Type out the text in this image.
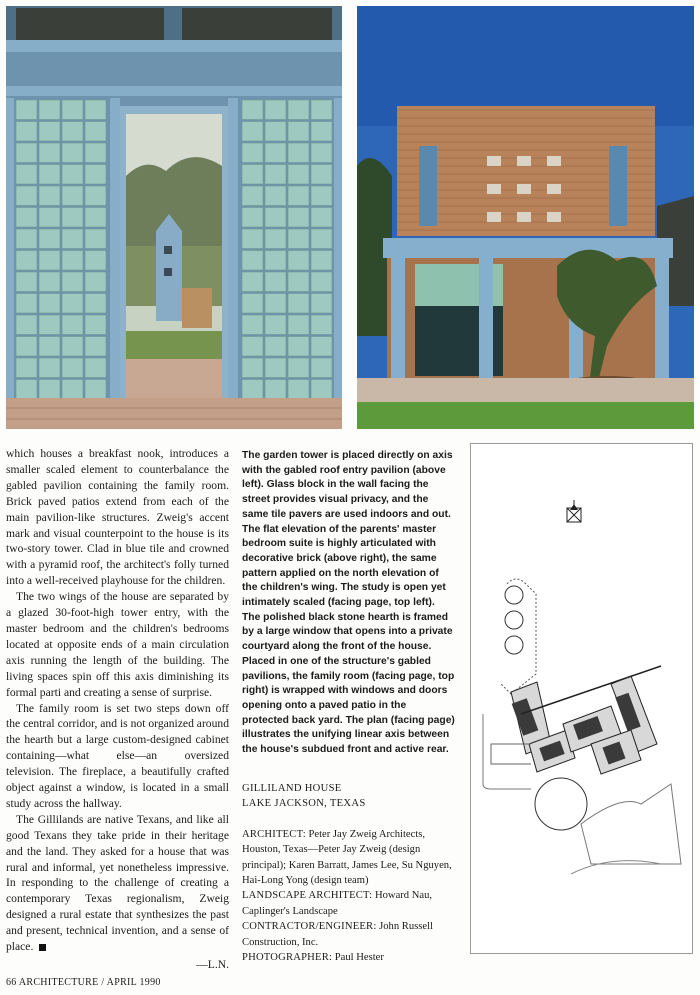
which houses a breakfast nook, introduces a smaller scaled element to counterbalance the gabled pavilion containing the family room. Brick paved patios extend from each of the main pavilion-like structures. Zweig's accent mark and visual counterpoint to the house is its two-story tower. Clad in blue tile and crowned with a pyramid roof, the architect's folly turned into a well-received playhouse for the children.

The two wings of the house are separated by a glazed 30-foot-high tower entry, with the master bedroom and the children's bedrooms located at opposite ends of a main circulation axis running the length of the building. The living spaces spin off this axis diminishing its formal parti and creating a sense of surprise.

The family room is set two steps down off the central corridor, and is not organized around the hearth but a large custom-designed cabinet containing—what else—an oversized television. The fireplace, a beautifully crafted object against a window, is located in a small study across the hallway.

The Gillilands are native Texans, and like all good Texans they take pride in their heritage and the land. They asked for a house that was rural and informal, yet nonetheless impressive. In responding to the challenge of creating a contemporary Texas regionalism, Zweig designed a rural estate that synthesizes the past and present, technical invention, and a sense of place.

—L.N.
The garden tower is placed directly on axis with the gabled roof entry pavilion (above left). Glass block in the wall facing the street provides visual privacy, and the same tile pavers are used indoors and out. The flat elevation of the parents' master bedroom suite is highly articulated with decorative brick (above right), the same pattern applied on the north elevation of the children's wing. The study is open yet intimately scaled (facing page, top left). The polished black stone hearth is framed by a large window that opens into a private courtyard along the front of the house. Placed in one of the structure's gabled pavilions, the family room (facing page, top right) is wrapped with windows and doors opening onto a paved patio in the protected back yard. The plan (facing page) illustrates the unifying linear axis between the house's subdued front and active rear.

GILLILAND HOUSE

LAKE JACKSON, TEXAS

ARCHITECT: Peter Jay Zweig Architects, Houston, Texas—Peter Jay Zweig (design principal); Karen Barratt, James Lee, Su Nguyen, Hai-Long Yong (design team)

LANDSCAPE ARCHITECT: Howard Nau, Caplinger's Landscape

CONTRACTOR/ENGINEER: John Russell Construction, Inc.

PHOTOGRAPHER: Paul Hester

66 ARCHITECTURE / APRIL 1990
